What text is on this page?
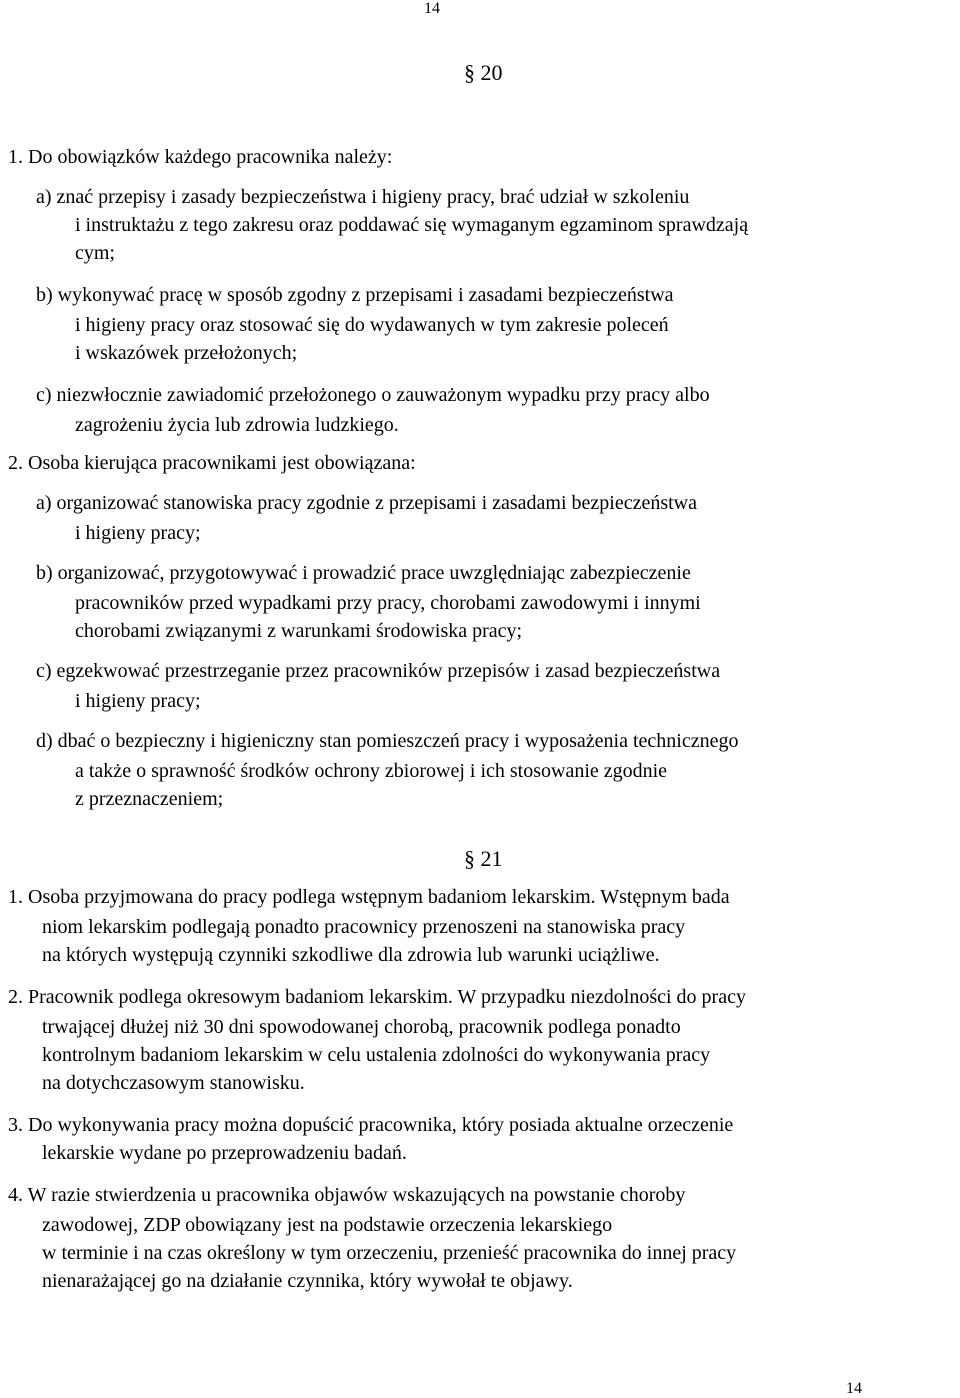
14
§ 20
1. Do obowiązków każdego pracownika należy:
a) znać przepisy i zasady bezpieczeństwa i higieny pracy, brać udział w szkoleniu
i instruktażu z tego zakresu oraz poddawać się wymaganym egzaminom sprawdzają
cym;
b) wykonywać pracę w sposób zgodny z przepisami i zasadami bezpieczeństwa
i higieny pracy oraz stosować się do wydawanych w tym zakresie poleceń
i wskazówek przełożonych;
c) niezwłocznie zawiadomić przełożonego o zauważonym wypadku przy pracy albo
zagrożeniu życia lub zdrowia ludzkiego.
2. Osoba kierująca pracownikami jest obowiązana:
a) organizować stanowiska pracy zgodnie z przepisami i zasadami bezpieczeństwa
i higieny pracy;
b) organizować, przygotowywać i prowadzić prace uwzględniając zabezpieczenie
pracowników przed wypadkami przy pracy, chorobami zawodowymi i innymi
chorobami związanymi z warunkami środowiska pracy;
c) egzekwować przestrzeganie przez pracowników przepisów i zasad bezpieczeństwa
i higieny pracy;
d) dbać o bezpieczny i higieniczny stan pomieszczeń pracy i wyposażenia technicznego
a także o sprawność środków ochrony zbiorowej i ich stosowanie zgodnie
z przeznaczeniem;
§ 21
1. Osoba przyjmowana do pracy podlega wstępnym badaniom lekarskim. Wstępnym bada
niom lekarskim podlegają ponadto pracownicy przenoszeni na stanowiska pracy
na których występują czynniki szkodliwe dla zdrowia lub warunki uciążliwe.
2. Pracownik podlega okresowym badaniom lekarskim. W przypadku niezdolności do pracy
trwającej dłużej niż 30 dni spowodowanej chorobą, pracownik podlega ponadto
kontrolnym badaniom lekarskim w celu ustalenia zdolności do wykonywania pracy
na dotychczasowym stanowisku.
3. Do wykonywania pracy można dopuścić pracownika, który posiada aktualne orzeczenie
lekarskie wydane po przeprowadzeniu badań.
4. W razie stwierdzenia u pracownika objawów wskazujących na powstanie choroby
zawodowej, ZDP obowiązany jest na podstawie orzeczenia lekarskiego
w terminie i na czas określony w tym orzeczeniu, przenieść pracownika do innej pracy
nienarażającej go na działanie czynnika, który wywołał te objawy.
14
